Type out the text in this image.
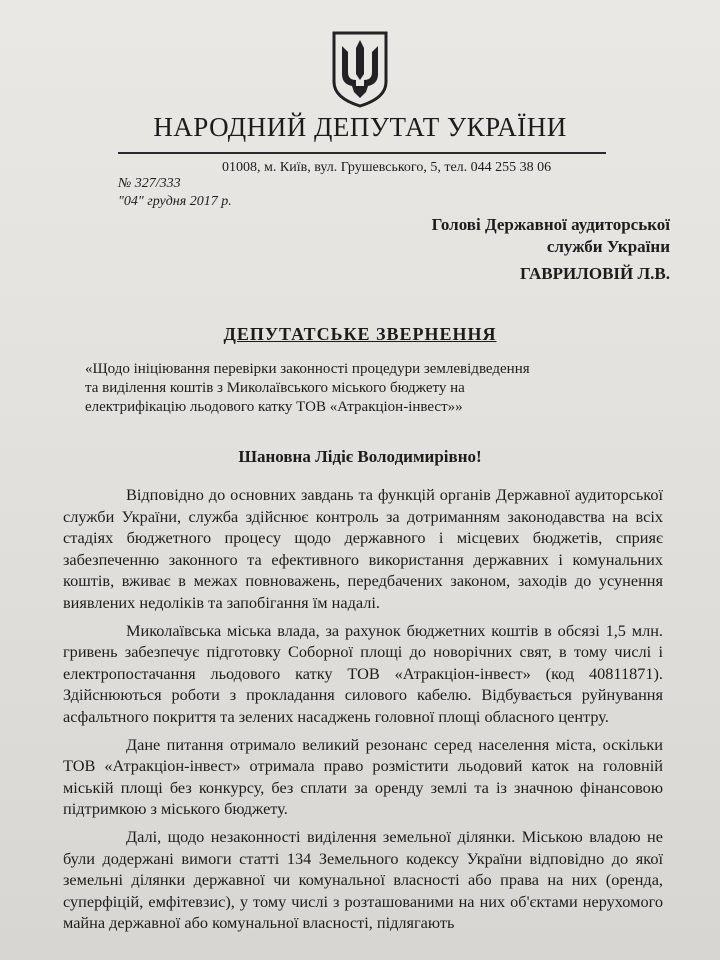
НАРОДНИЙ ДЕПУТАТ УКРАЇНИ
01008, м. Київ, вул. Грушевського, 5, тел. 044 255 38 06
№ 327/333
"04" грудня 2017 р.
Голові Державної аудиторської
служби України
ГАВРИЛОВІЙ Л.В.
ДЕПУТАТСЬКЕ ЗВЕРНЕННЯ
«Щодо ініціювання перевірки законності процедури землевідведення
та виділення коштів з Миколаївського міського бюджету на
електрифікацію льодового катку ТОВ «Атракціон-інвест»»
Шановна Лідіє Володимирівно!

Відповідно до основних завдань та функцій органів Державної аудиторської служби України, служба здійснює контроль за дотриманням законодавства на всіх стадіях бюджетного процесу щодо державного і місцевих бюджетів, сприяє забезпеченню законного та ефективного використання державних і комунальних коштів, вживає в межах повноважень, передбачених законом, заходів до усунення виявлених недоліків та запобігання їм надалі.

Миколаївська міська влада, за рахунок бюджетних коштів в обсязі 1,5 млн. гривень забезпечує підготовку Соборної площі до новорічних свят, в тому числі і електропостачання льодового катку ТОВ «Атракціон-інвест» (код 40811871). Здійснюються роботи з прокладання силового кабелю. Відбувається руйнування асфальтного покриття та зелених насаджень головної площі обласного центру.

Дане питання отримало великий резонанс серед населення міста, оскільки ТОВ «Атракціон-інвест» отримала право розмістити льодовий каток на головній міській площі без конкурсу, без сплати за оренду землі та із значною фінансовою підтримкою з міського бюджету.

Далі, щодо незаконності виділення земельної ділянки. Міською владою не були додержані вимоги статті 134 Земельного кодексу України відповідно до якої земельні ділянки державної чи комунальної власності або права на них (оренда, суперфіцій, емфітевзис), у тому числі з розташованими на них об'єктами нерухомого майна державної або комунальної власності, підлягають
